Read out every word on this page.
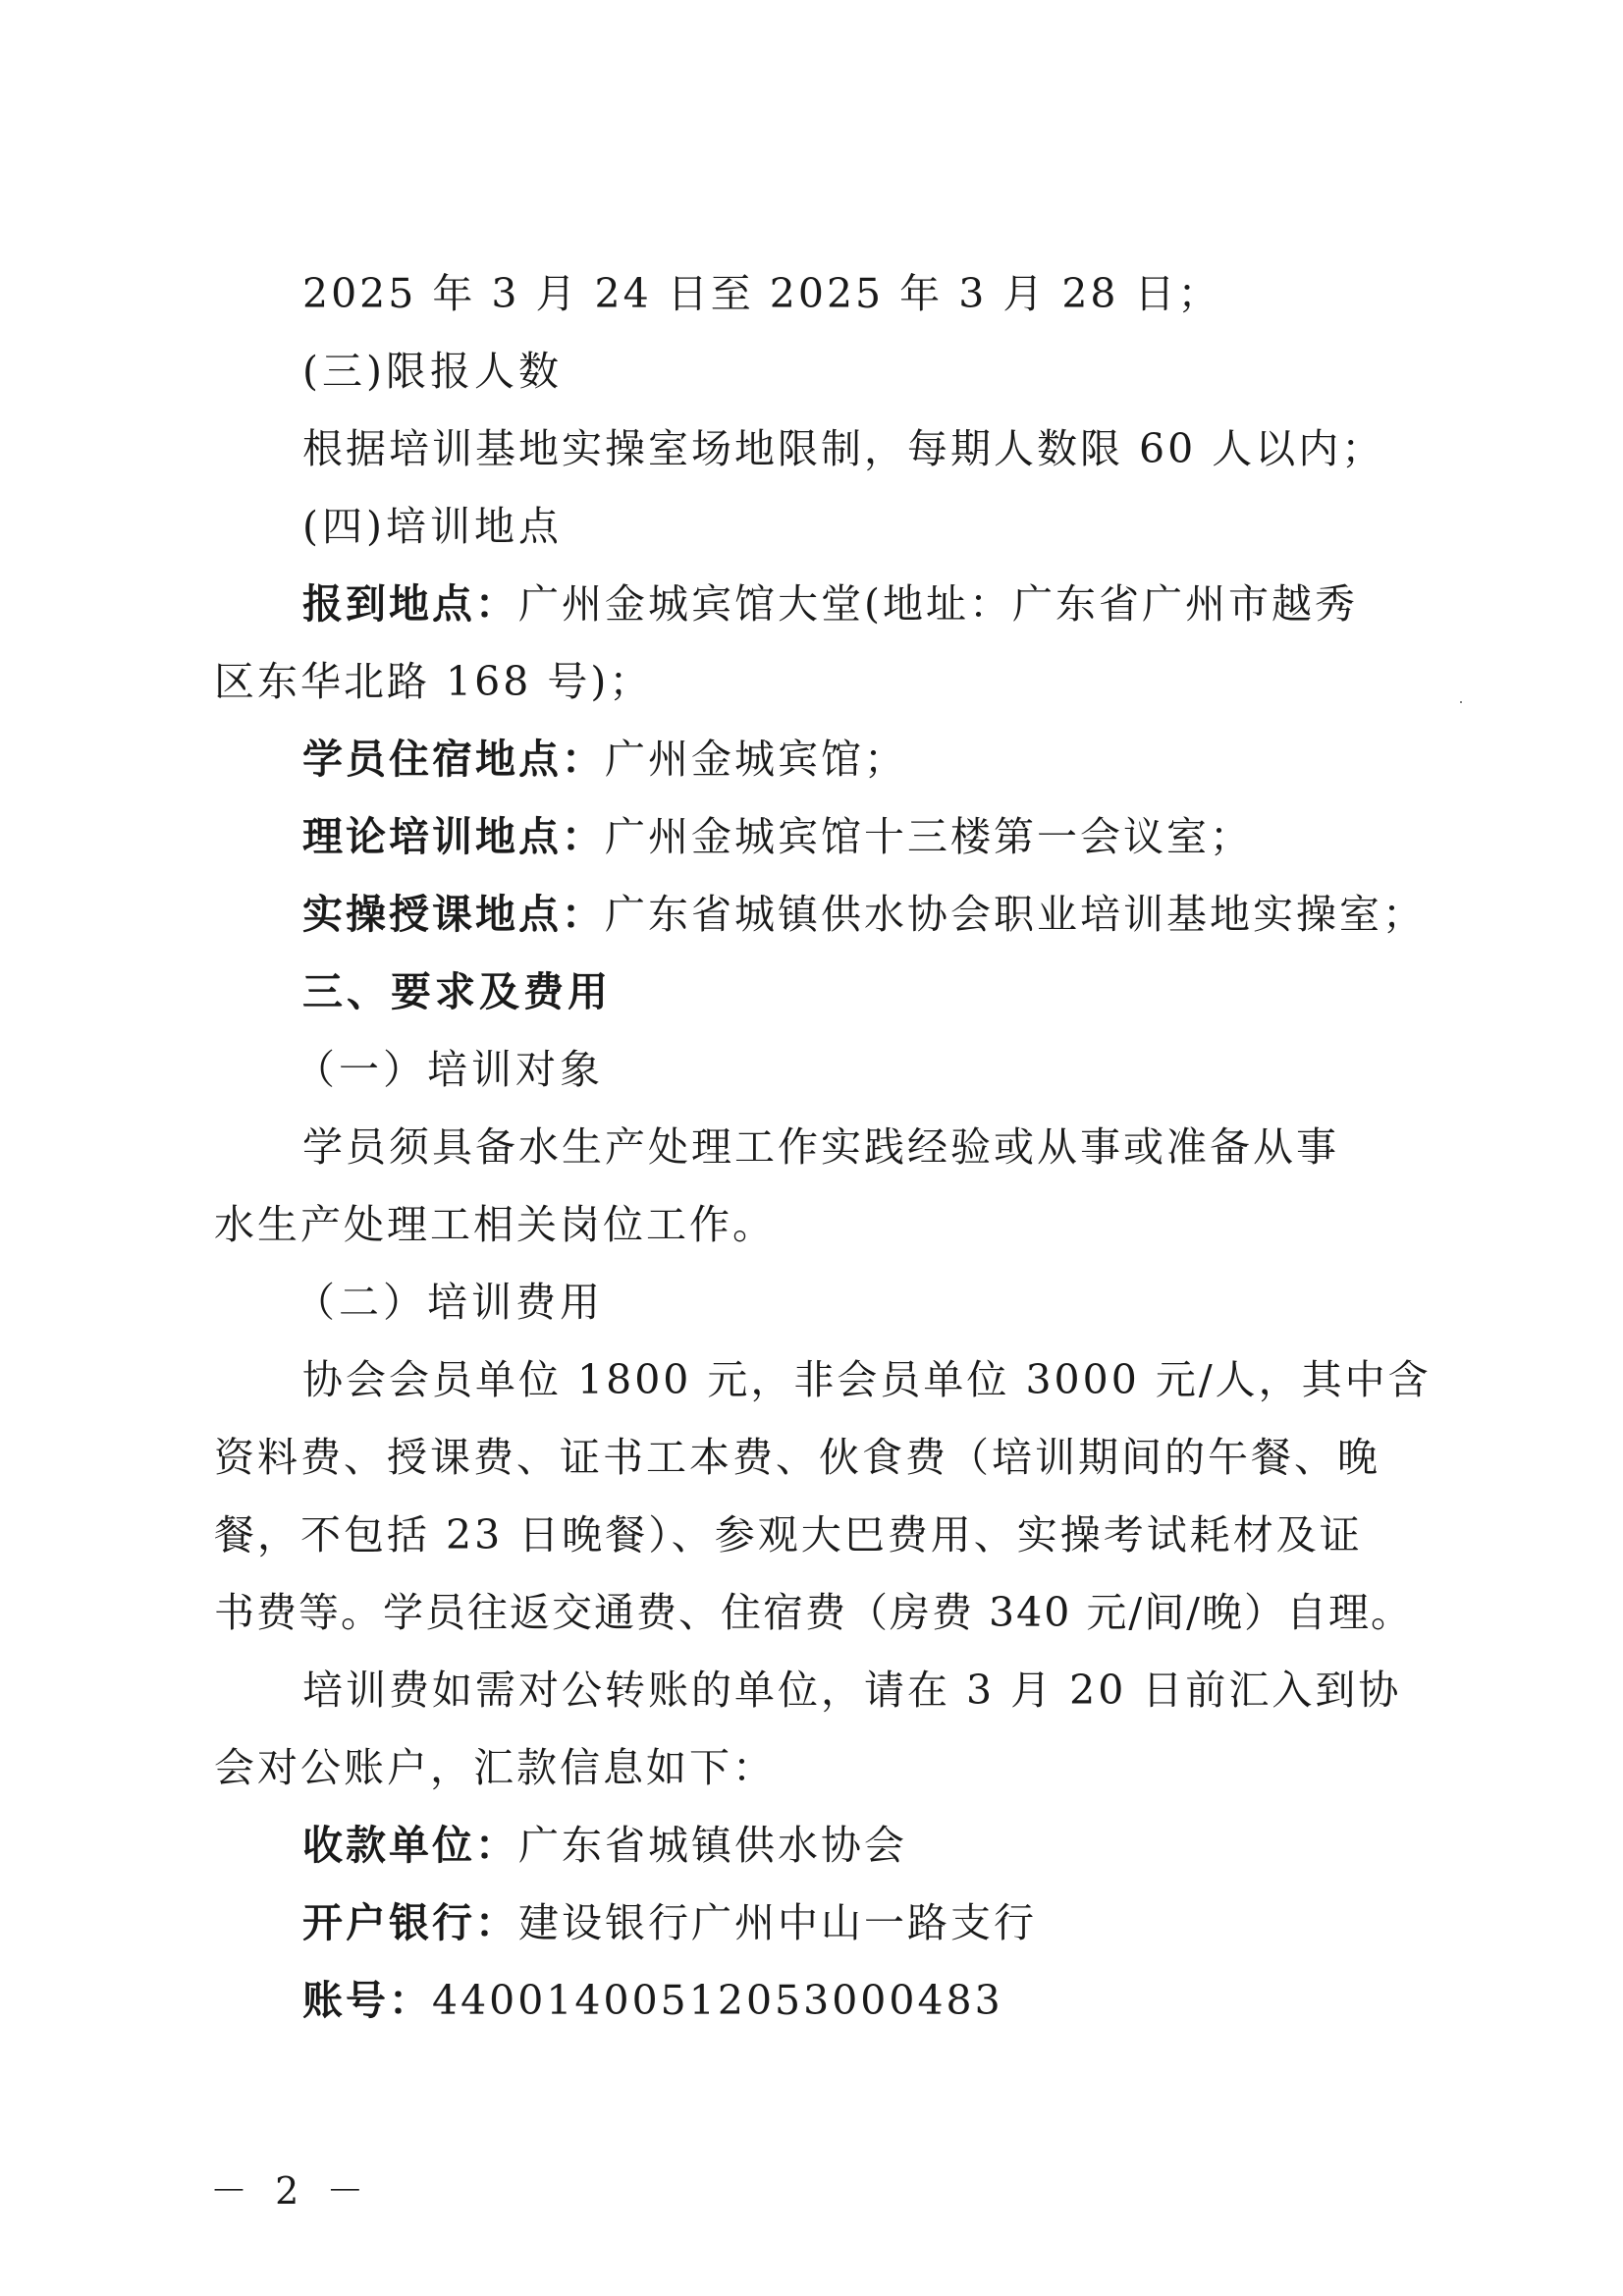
2025 年 3 月 24 日至 2025 年 3 月 28 日；
(三)限报人数
根据培训基地实操室场地限制，每期人数限 60 人以内；
(四)培训地点
报到地点：广州金城宾馆大堂(地址：广东省广州市越秀
区东华北路 168 号)；
学员住宿地点：广州金城宾馆；
理论培训地点：广州金城宾馆十三楼第一会议室；
实操授课地点：广东省城镇供水协会职业培训基地实操室；
三、要求及费用
（一）培训对象
学员须具备水生产处理工作实践经验或从事或准备从事
水生产处理工相关岗位工作。
（二）培训费用
协会会员单位 1800 元，非会员单位 3000 元/人，其中含
资料费、授课费、证书工本费、伙食费（培训期间的午餐、晚
餐，不包括 23 日晚餐）、参观大巴费用、实操考试耗材及证
书费等。学员往返交通费、住宿费（房费 340 元/间/晚）自理。
培训费如需对公转账的单位，请在 3 月 20 日前汇入到协
会对公账户，汇款信息如下：
收款单位：广东省城镇供水协会
开户银行：建设银行广州中山一路支行
账号：44001400512053000483
－ 2 －
